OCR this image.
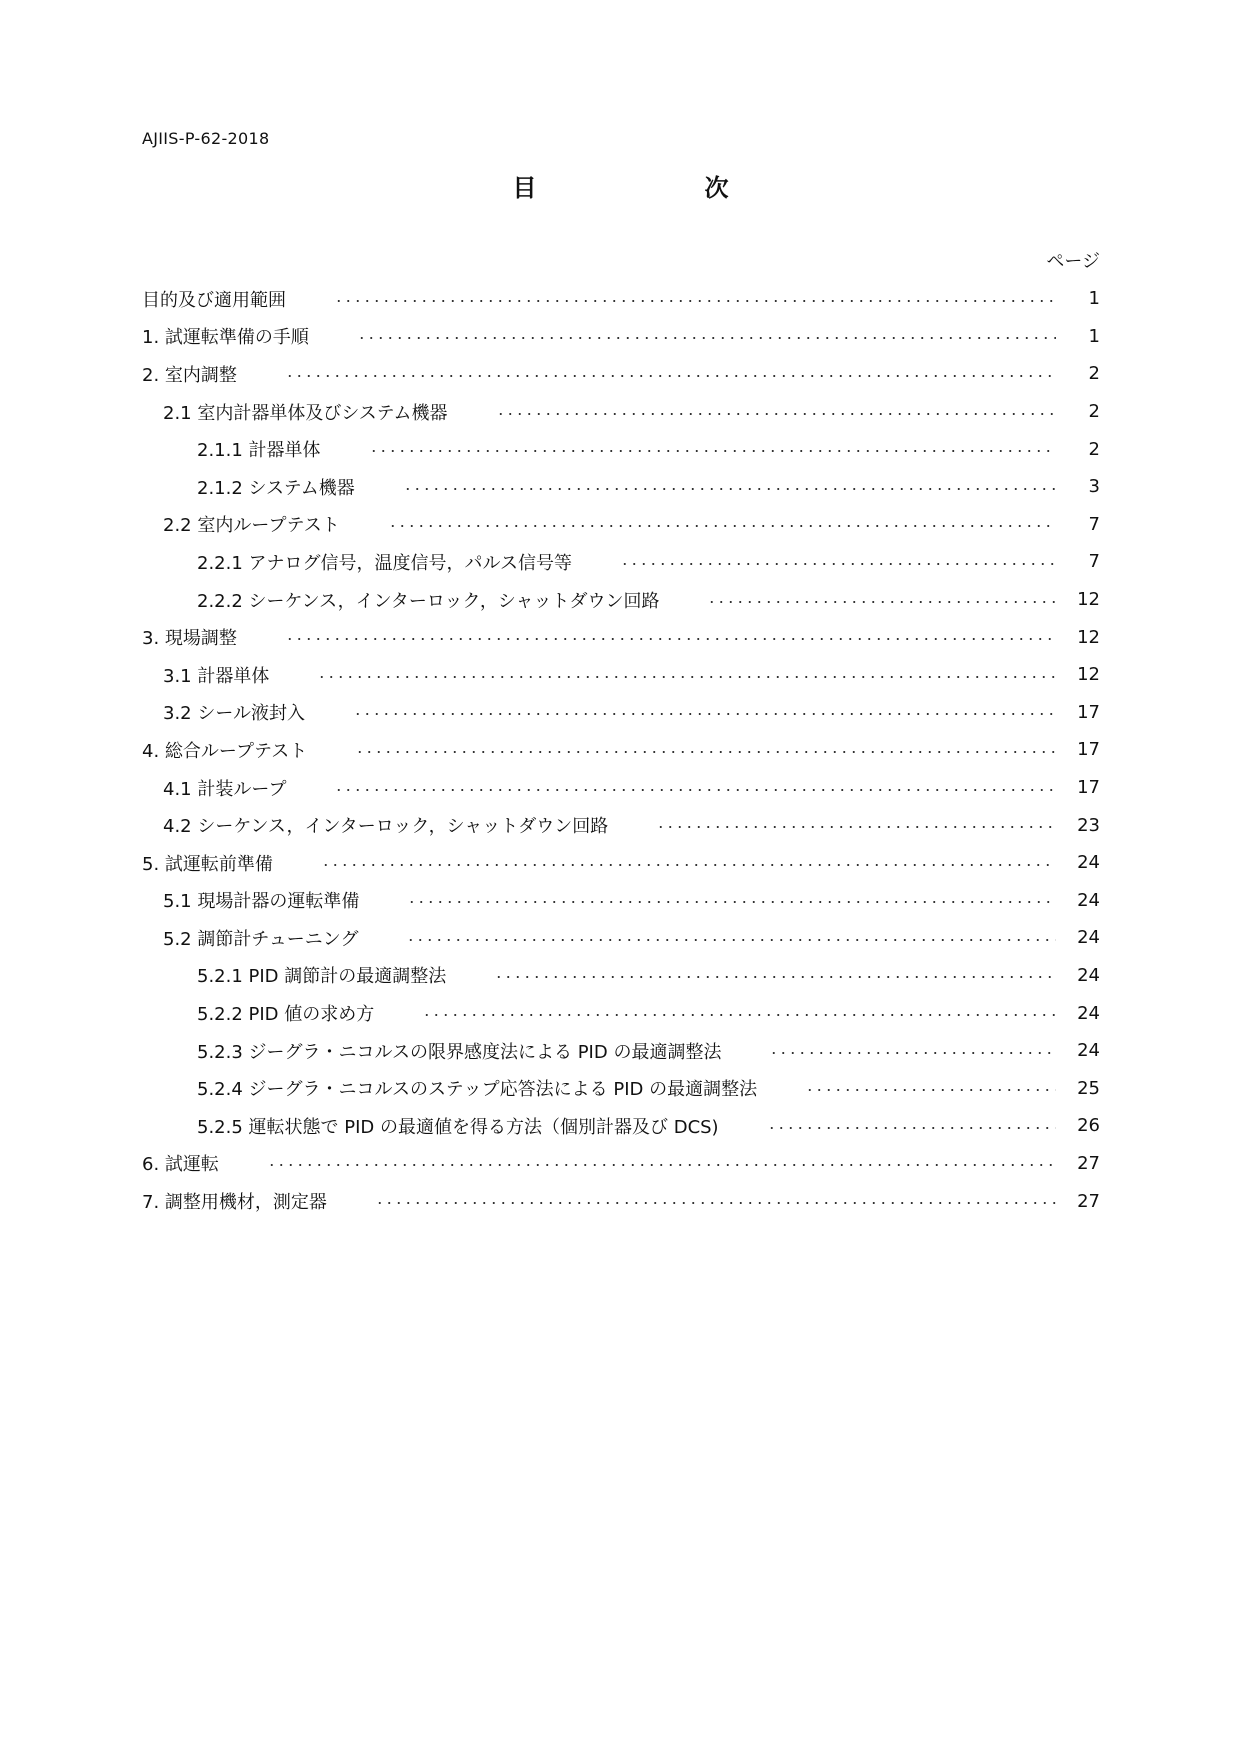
AJIIS-P-62-2018
目　次
ページ
目的及び適用範囲	1
1. 試運転準備の手順	1
2. 室内調整	2
2.1 室内計器単体及びシステム機器	2
2.1.1 計器単体	2
2.1.2 システム機器	3
2.2 室内ループテスト	7
2.2.1 アナログ信号，温度信号，パルス信号等	7
2.2.2 シーケンス，インターロック，シャットダウン回路	12
3. 現場調整	12
3.1 計器単体	12
3.2 シール液封入	17
4. 総合ループテスト	17
4.1 計装ループ	17
4.2 シーケンス，インターロック，シャットダウン回路	23
5. 試運転前準備	24
5.1 現場計器の運転準備	24
5.2 調節計チューニング	24
5.2.1 PID 調節計の最適調整法	24
5.2.2 PID 値の求め方	24
5.2.3 ジーグラ・ニコルスの限界感度法による PID の最適調整法	24
5.2.4 ジーグラ・ニコルスのステップ応答法による PID の最適調整法	25
5.2.5 運転状態で PID の最適値を得る方法（個別計器及び DCS)	26
6. 試運転	27
7. 調整用機材，測定器	27
